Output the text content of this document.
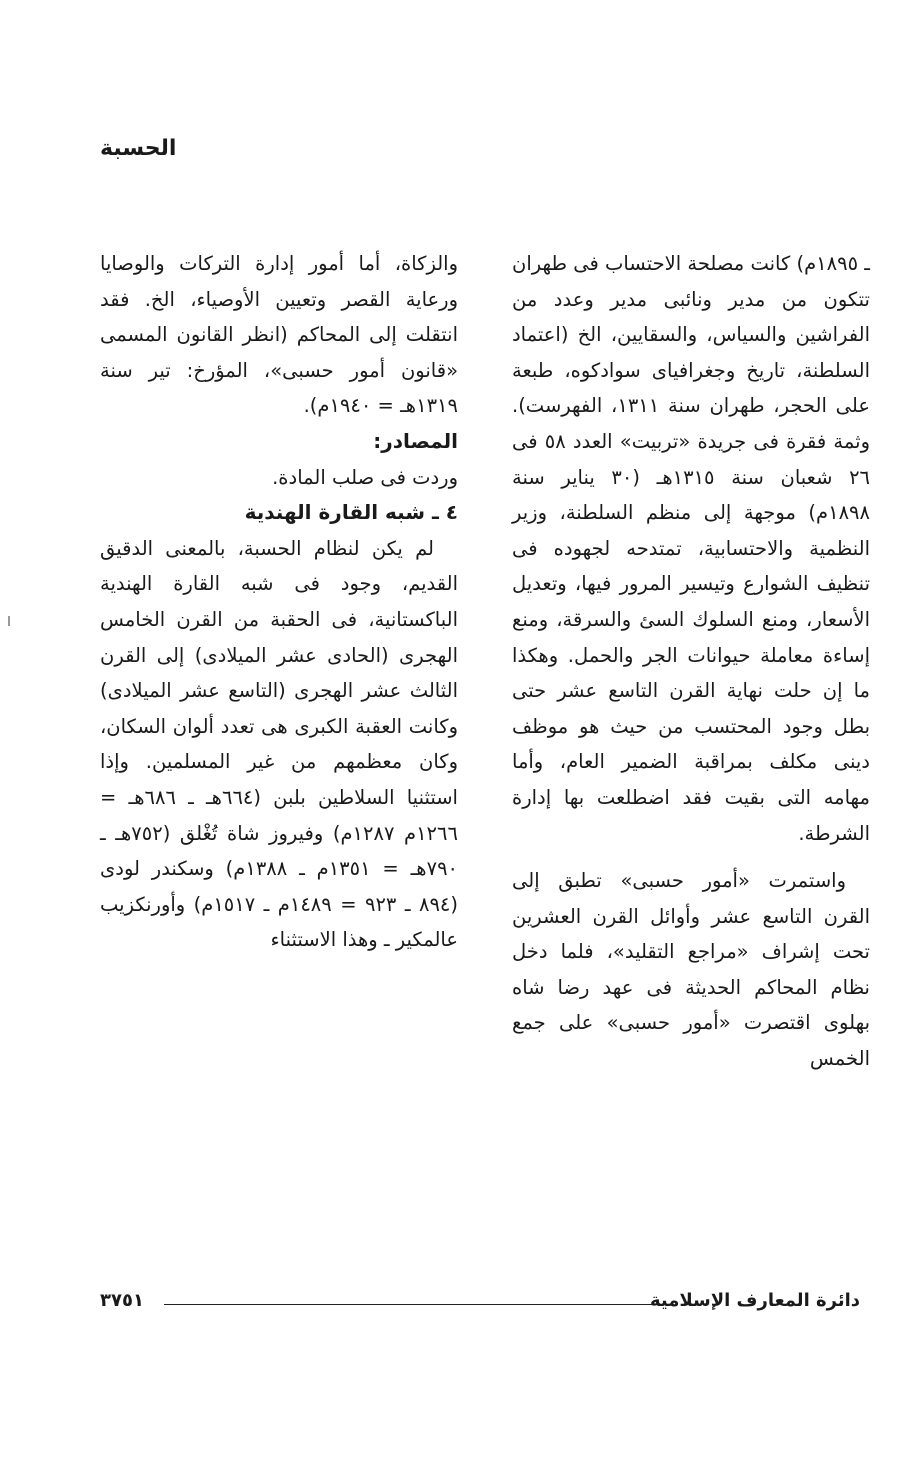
الحسبة

ـ ١٨٩٥م) كانت مصلحة الاحتساب فى طهران تتكون من مدير ونائبى مدير وعدد من الفراشين والسياس، والسقايين، الخ (اعتماد السلطنة، تاريخ وجغرافياى سوادكوه، طبعة على الحجر، طهران سنة ١٣١١، الفهرست). وثمة فقرة فى جريدة «تربيت» العدد ٥٨ فى ٢٦ شعبان سنة ١٣١٥هـ (٣٠ يناير سنة ١٨٩٨م) موجهة إلى منظم السلطنة، وزير النظمية والاحتسابية، تمتدحه لجهوده فى تنظيف الشوارع وتيسير المرور فيها، وتعديل الأسعار، ومنع السلوك السئ والسرقة، ومنع إساءة معاملة حيوانات الجر والحمل. وهكذا ما إن حلت نهاية القرن التاسع عشر حتى بطل وجود المحتسب من حيث هو موظف دينى مكلف بمراقبة الضمير العام، وأما مهامه التى بقيت فقد اضطلعت بها إدارة الشرطة.

واستمرت «أمور حسبى» تطبق إلى القرن التاسع عشر وأوائل القرن العشرين تحت إشراف «مراجع التقليد»، فلما دخل نظام المحاكم الحديثة فى عهد رضا شاه بهلوى اقتصرت «أمور حسبى» على جمع الخمس

والزكاة، أما أمور إدارة التركات والوصايا ورعاية القصر وتعيين الأوصياء، الخ. فقد انتقلت إلى المحاكم (انظر القانون المسمى «قانون أمور حسبى»، المؤرخ: تير سنة ١٣١٩هـ = ١٩٤٠م).

المصادر:

وردت فى صلب المادة.

٤ ـ شبه القارة الهندية

لم يكن لنظام الحسبة، بالمعنى الدقيق القديم، وجود فى شبه القارة الهندية الباكستانية، فى الحقبة من القرن الخامس الهجرى (الحادى عشر الميلادى) إلى القرن الثالث عشر الهجرى (التاسع عشر الميلادى) وكانت العقبة الكبرى هى تعدد ألوان السكان، وكان معظمهم من غير المسلمين. وإذا استثنيا السلاطين بلبن (٦٦٤هـ ـ ٦٨٦هـ = ١٢٦٦م ١٢٨٧م) وفيروز شاة تُغْلق (٧٥٢هـ ـ ٧٩٠هـ = ١٣٥١م ـ ١٣٨٨م) وسكندر لودى (٨٩٤ ـ ٩٢٣ = ١٤٨٩م ـ ١٥١٧م) وأورنكزيب عالمكير ـ وهذا الاستثناء

٣٧٥١	دائرة المعارف الإسلامية
